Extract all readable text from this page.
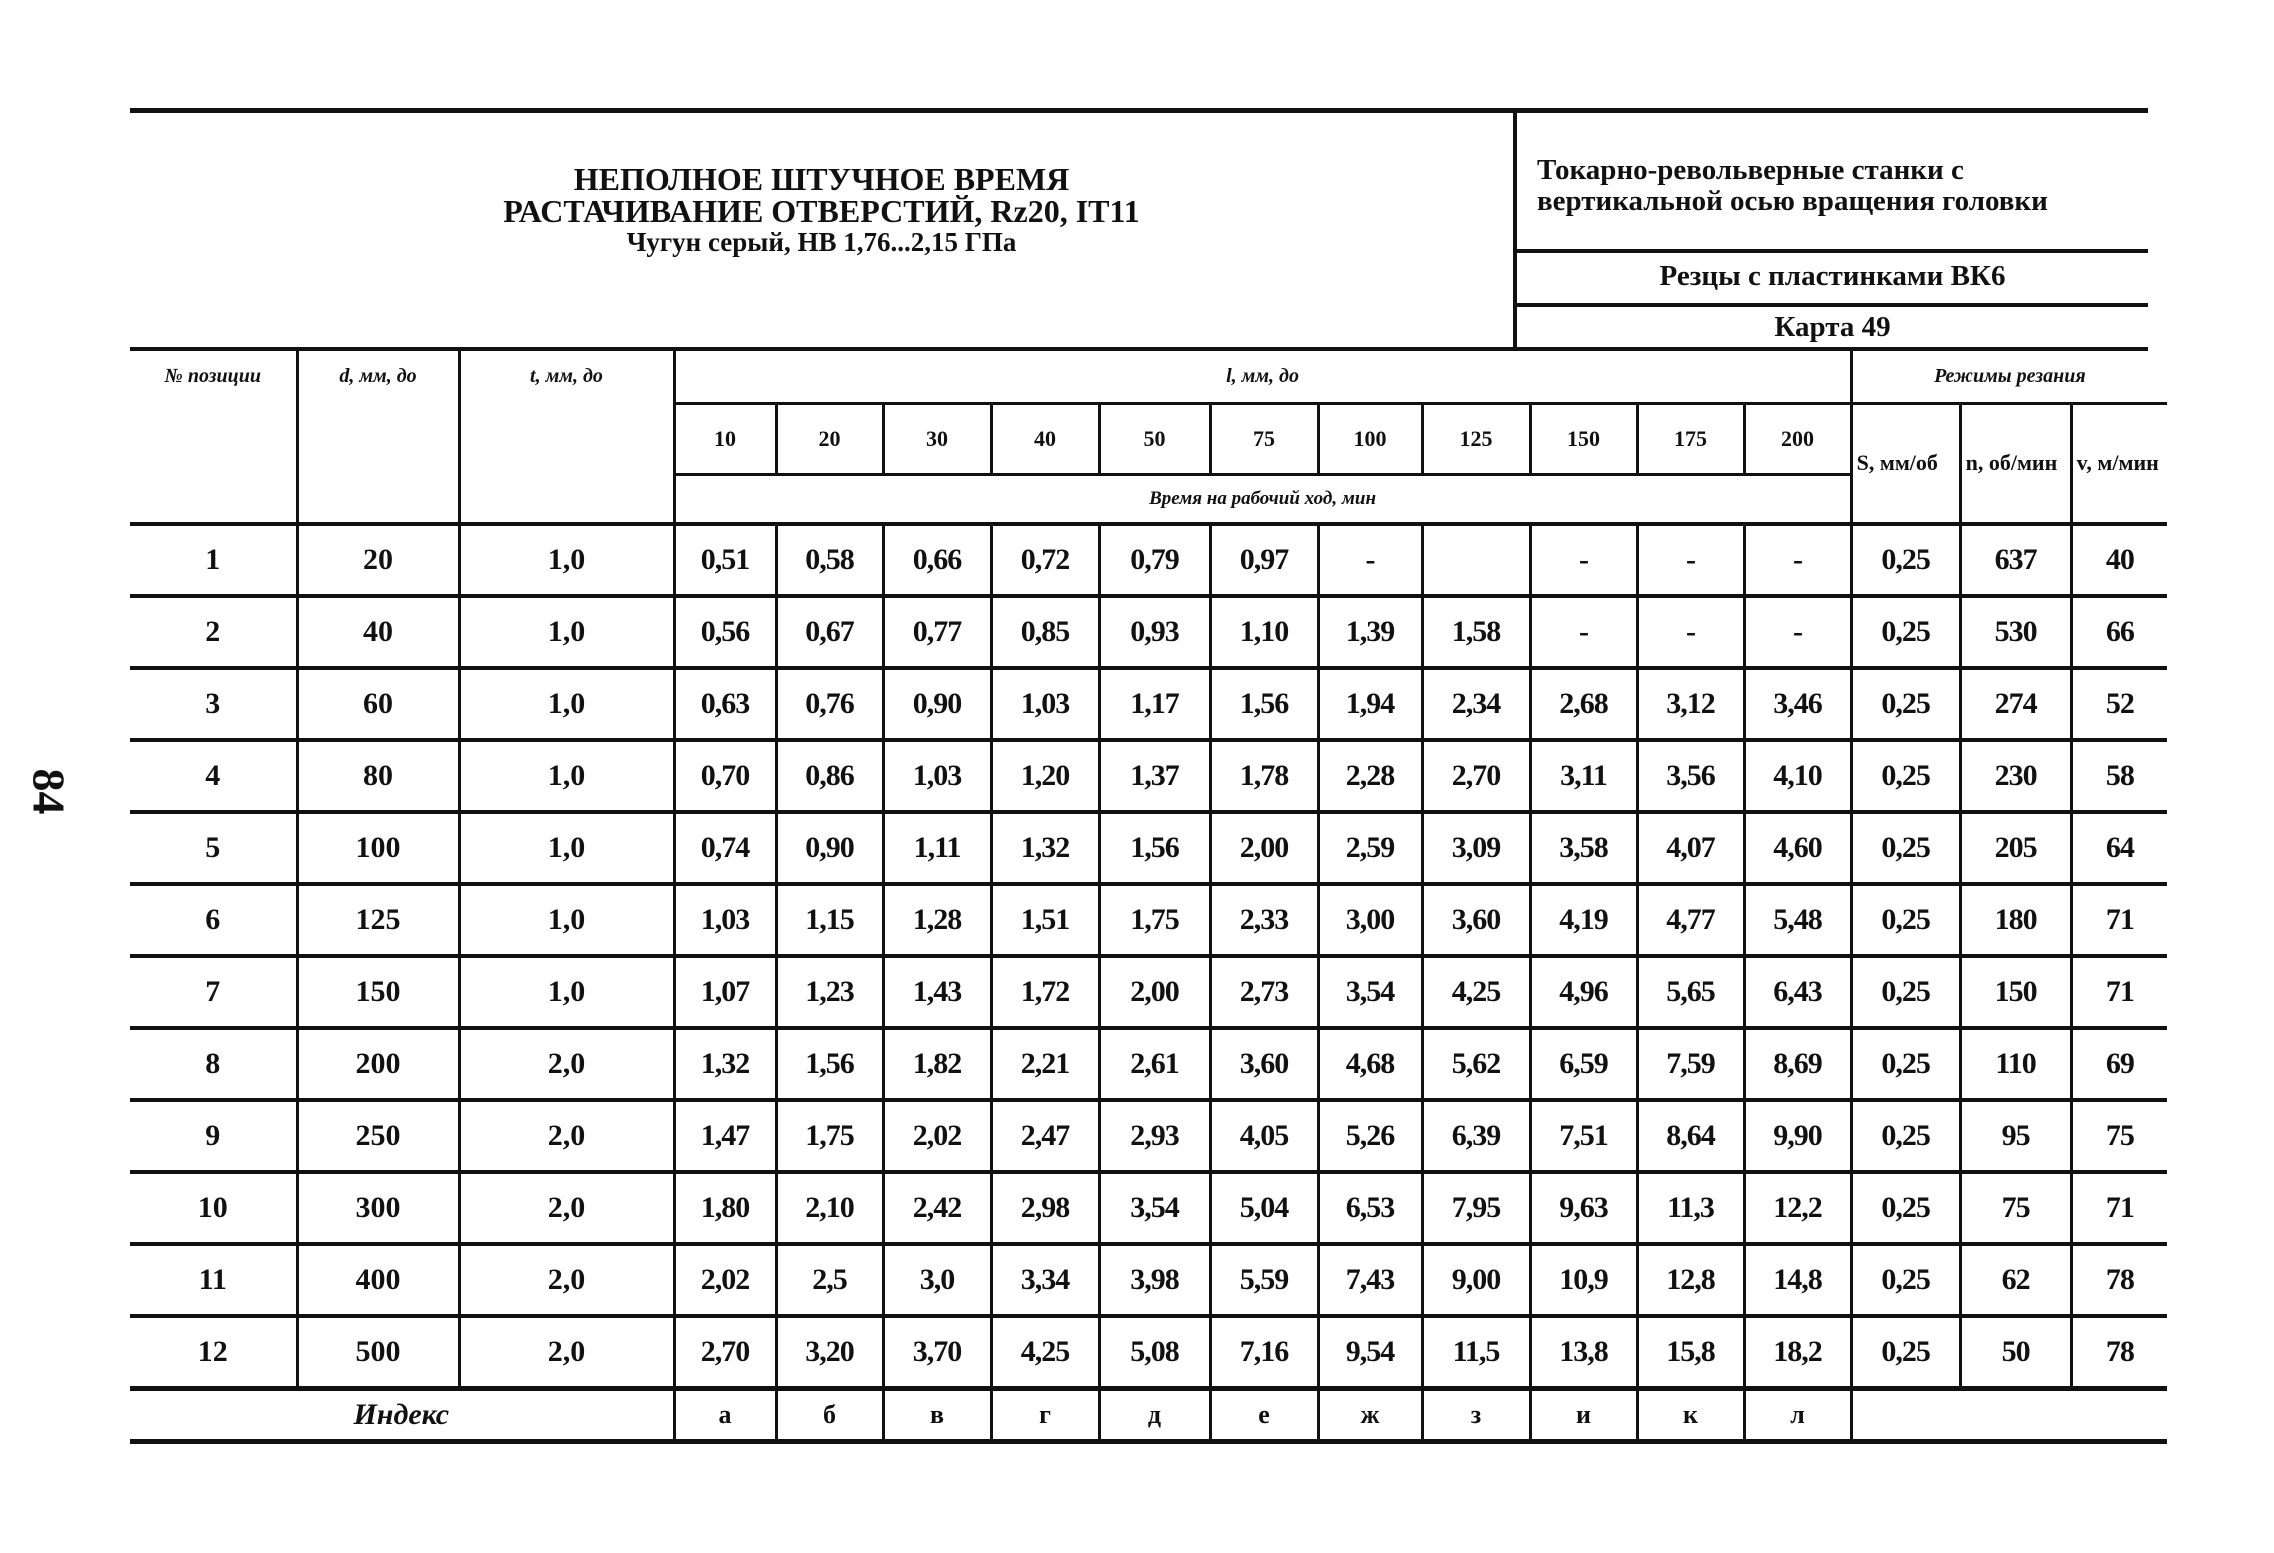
84
НЕПОЛНОЕ ШТУЧНОЕ ВРЕМЯ
РАСТАЧИВАНИЕ ОТВЕРСТИЙ, Rz20, IT11
Чугун серый, НВ 1,76...2,15 ГПа
Токарно-револьверные станки с
вертикальной осью вращения головки
Резцы с пластинками ВК6
Карта 49
№ позиции	d, мм, до	t, мм, до	l, мм, до											Режимы резания		
			10	20	30	40	50	75	100	125	150	175	200	S, мм/об	n, об/мин	v, м/мин
			Время на рабочий ход, мин													
1	20	1,0	0,51	0,58	0,66	0,72	0,79	0,97	-		-	-	-	0,25	637	40
2	40	1,0	0,56	0,67	0,77	0,85	0,93	1,10	1,39	1,58	-	-	-	0,25	530	66
3	60	1,0	0,63	0,76	0,90	1,03	1,17	1,56	1,94	2,34	2,68	3,12	3,46	0,25	274	52
4	80	1,0	0,70	0,86	1,03	1,20	1,37	1,78	2,28	2,70	3,11	3,56	4,10	0,25	230	58
5	100	1,0	0,74	0,90	1,11	1,32	1,56	2,00	2,59	3,09	3,58	4,07	4,60	0,25	205	64
6	125	1,0	1,03	1,15	1,28	1,51	1,75	2,33	3,00	3,60	4,19	4,77	5,48	0,25	180	71
7	150	1,0	1,07	1,23	1,43	1,72	2,00	2,73	3,54	4,25	4,96	5,65	6,43	0,25	150	71
8	200	2,0	1,32	1,56	1,82	2,21	2,61	3,60	4,68	5,62	6,59	7,59	8,69	0,25	110	69
9	250	2,0	1,47	1,75	2,02	2,47	2,93	4,05	5,26	6,39	7,51	8,64	9,90	0,25	95	75
10	300	2,0	1,80	2,10	2,42	2,98	3,54	5,04	6,53	7,95	9,63	11,3	12,2	0,25	75	71
11	400	2,0	2,02	2,5	3,0	3,34	3,98	5,59	7,43	9,00	10,9	12,8	14,8	0,25	62	78
12	500	2,0	2,70	3,20	3,70	4,25	5,08	7,16	9,54	11,5	13,8	15,8	18,2	0,25	50	78
Индекс			а	б	в	г	д	е	ж	з	и	к	л			
